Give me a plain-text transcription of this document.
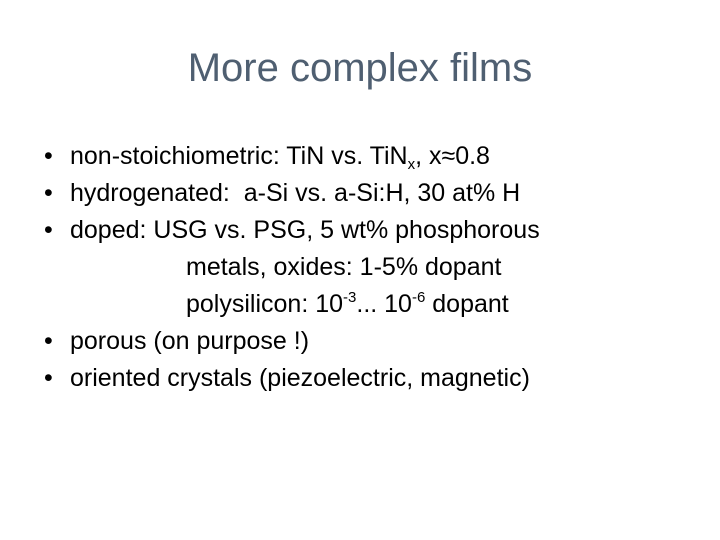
More complex films
• non-stoichiometric: TiN vs. TiN$_x$, x≈0.8
• hydrogenated:  a-Si vs. a-Si:H, 30 at% H
• doped: USG vs. PSG, 5 wt% phosphorous
metals, oxides: 1-5% dopant
polysilicon: $10^{-3}$... $10^{-6}$ dopant
• porous (on purpose !)
• oriented crystals (piezoelectric, magnetic)
